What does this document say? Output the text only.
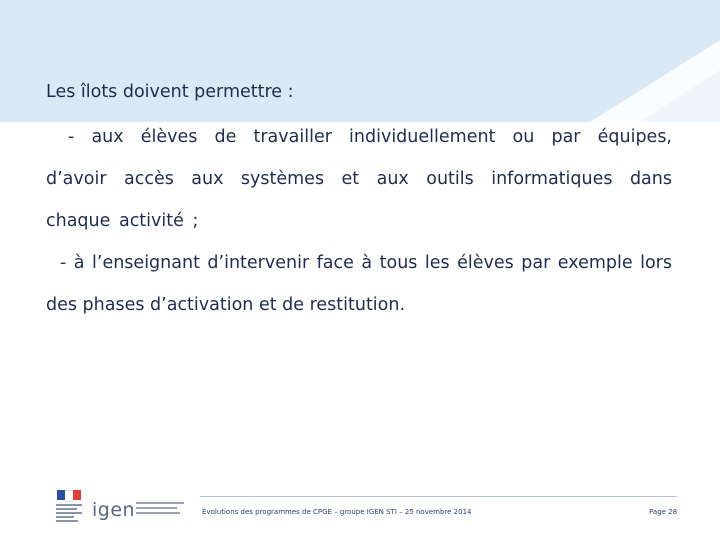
Les îlots doivent permettre :

- aux élèves de travailler individuellement ou par équipes, d’avoir accès aux systèmes et aux outils informatiques dans chaque activité ;

- à l’enseignant d’intervenir face à tous les élèves par exemple lors des phases d’activation et de restitution.

igen	Évolutions des programmes de CPGE – groupe IGEN STI – 25 novembre 2014	Page 28
